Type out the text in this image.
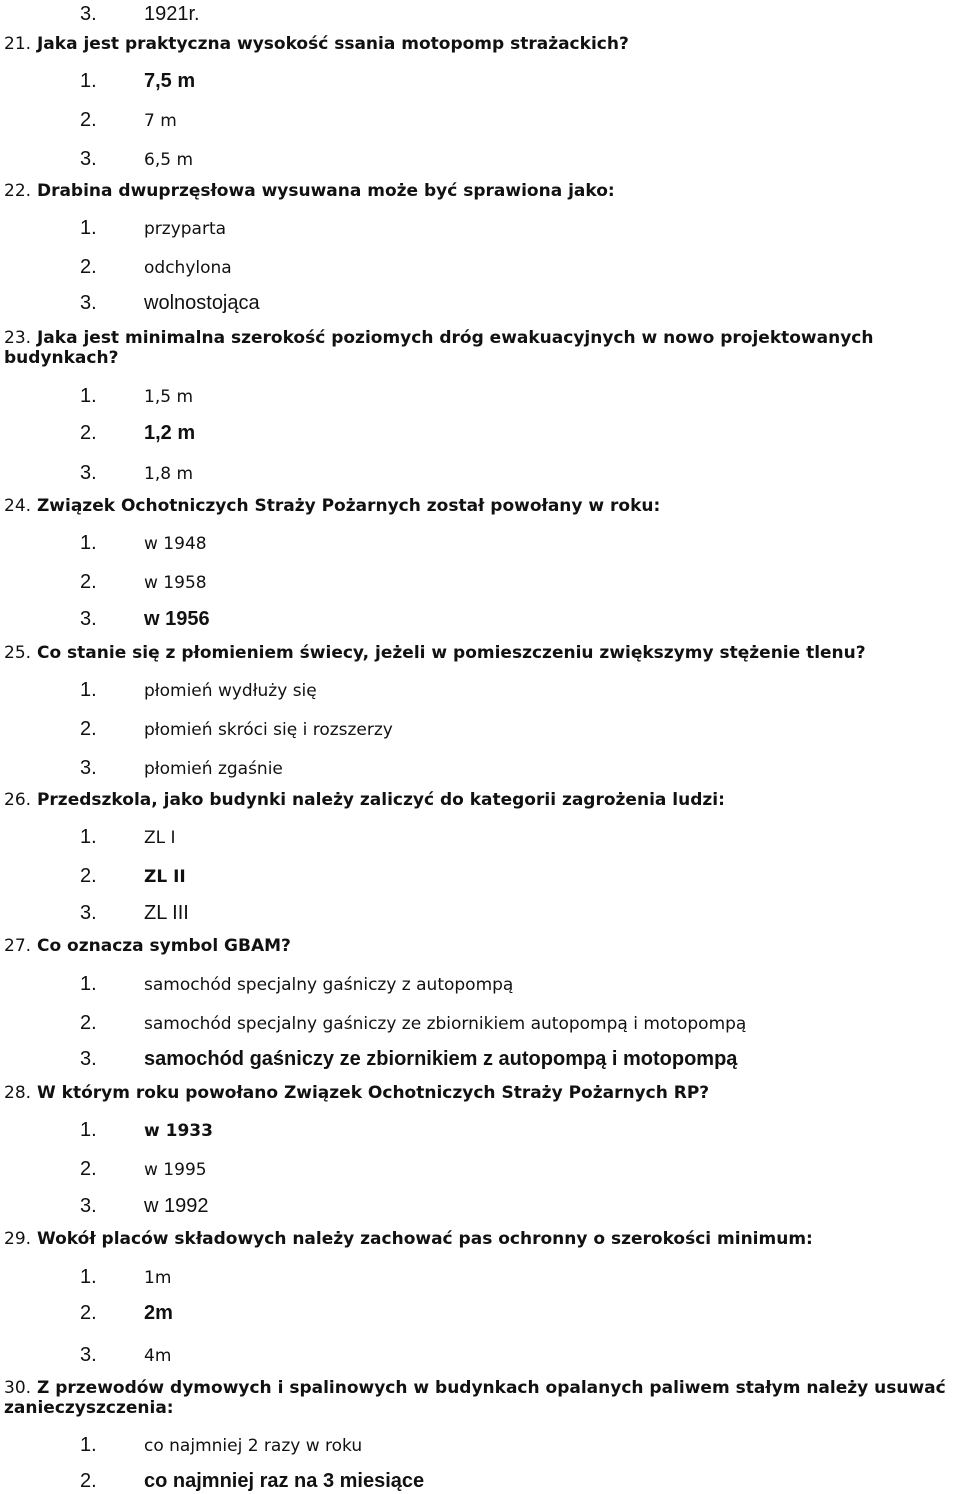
3. 1921r.
21. Jaka jest praktyczna wysokość ssania motopomp strażackich?
1. 7,5 m
2.	7 m
3.	6,5 m
22. Drabina dwuprzęsłowa wysuwana może być sprawiona jako:
1.	przyparta
2.	odchylona
3. wolnostojąca
23. Jaka jest minimalna szerokość poziomych dróg ewakuacyjnych w nowo projektowanych budynkach?
1.	1,5 m
2. 1,2 m
3.	1,8 m
24. Związek Ochotniczych Straży Pożarnych został powołany w roku:
1.	w 1948
2.	w 1958
3. w 1956
25. Co stanie się z płomieniem świecy, jeżeli w pomieszczeniu zwiększymy stężenie tlenu?
1.	płomień wydłuży się
2.	płomień skróci się i rozszerzy
3.	płomień zgaśnie
26. Przedszkola, jako budynki należy zaliczyć do kategorii zagrożenia ludzi:
1.	ZL I
2.	ZL II
3. ZL III
27. Co oznacza symbol GBAM?
1.	samochód specjalny gaśniczy z autopompą
2.	samochód specjalny gaśniczy ze zbiornikiem autopompą i motopompą
3. samochód gaśniczy ze zbiornikiem z autopompą i motopompą
28. W którym roku powołano Związek Ochotniczych Straży Pożarnych RP?
1.	w 1933
2.	w 1995
3. w 1992
29. Wokół placów składowych należy zachować pas ochronny o szerokości minimum:
1.	1m
2. 2m
3.	4m
30. Z przewodów dymowych i spalinowych w budynkach opalanych paliwem stałym należy usuwać zanieczyszczenia:
1.	co najmniej 2 razy w roku
2. co najmniej raz na 3 miesiące
